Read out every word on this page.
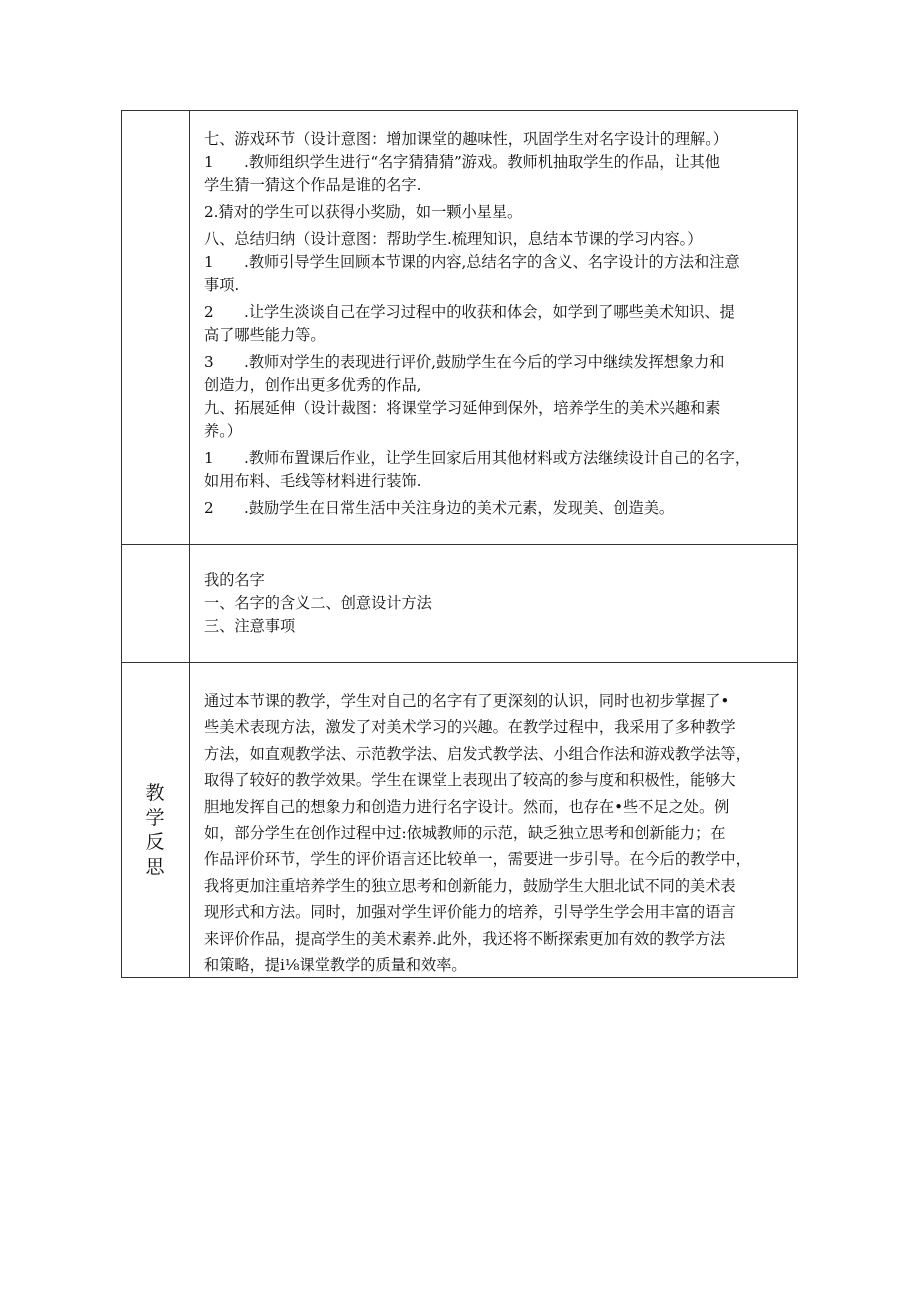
七、游戏环节（设计意图：增加课堂的趣味性，巩固学生对名字设计的理解。）

1 .教师组织学生进行“名字猜猜猜”游戏。教师机抽取学生的作品，让其他

学生猜一猜这个作品是谁的名字.

2.猜对的学生可以获得小奖励，如一颗小星星。

八、总结归纳（设计意图：帮助学生.梳理知识，息结本节课的学习内容。）

1 .教师引导学生回顾本节课的内容,总结名字的含义、名字设计的方法和注意

事项.

2 .让学生淡谈自己在学习过程中的收获和体会，如学到了哪些美术知识、提

高了哪些能力等。

3 .教师对学生的表现进行评价,鼓励学生在今后的学习中继续发挥想象力和

创造力，创作出更多优秀的作品,

九、拓展延伸（设计裁图：将课堂学习延伸到保外，培养学生的美术兴趣和素

养。）

1 .教师布置课后作业，让学生回家后用其他材料或方法继续设计自己的名字，

如用布料、毛线等材料进行装饰.

2 .鼓励学生在日常生活中关注身边的美术元素，发现美、创造美。

我的名字

一、名字的含义二、创意设计方法

三、注意事项

教
学
反
思

通过本节课的教学，学生对自己的名字有了更深刻的认识，同时也初步掌握了•

些美术表现方法，激发了对美术学习的兴趣。在教学过程中，我采用了多种教学

方法，如直观教学法、示范教学法、启发式教学法、小组合作法和游戏教学法等，

取得了较好的教学效果。学生在课堂上表现出了较高的参与度和积极性，能够大

胆地发挥自己的想象力和创造力进行名字设计。然而，也存在•些不足之处。例

如，部分学生在创作过程中过:依城教师的示范，缺乏独立思考和创新能力；在

作品评价环节，学生的评价语言还比较单一，需要进一步引导。在今后的教学中，

我将更加注重培养学生的独立思考和创新能力，鼓励学生大胆北试不同的美术表

现形式和方法。同时，加强对学生评价能力的培养，引导学生学会用丰富的语言

来评价作品，提高学生的美术素养.此外，我还将不断探索更加有效的教学方法

和策略，提i⅛课堂教学的质量和效率。
